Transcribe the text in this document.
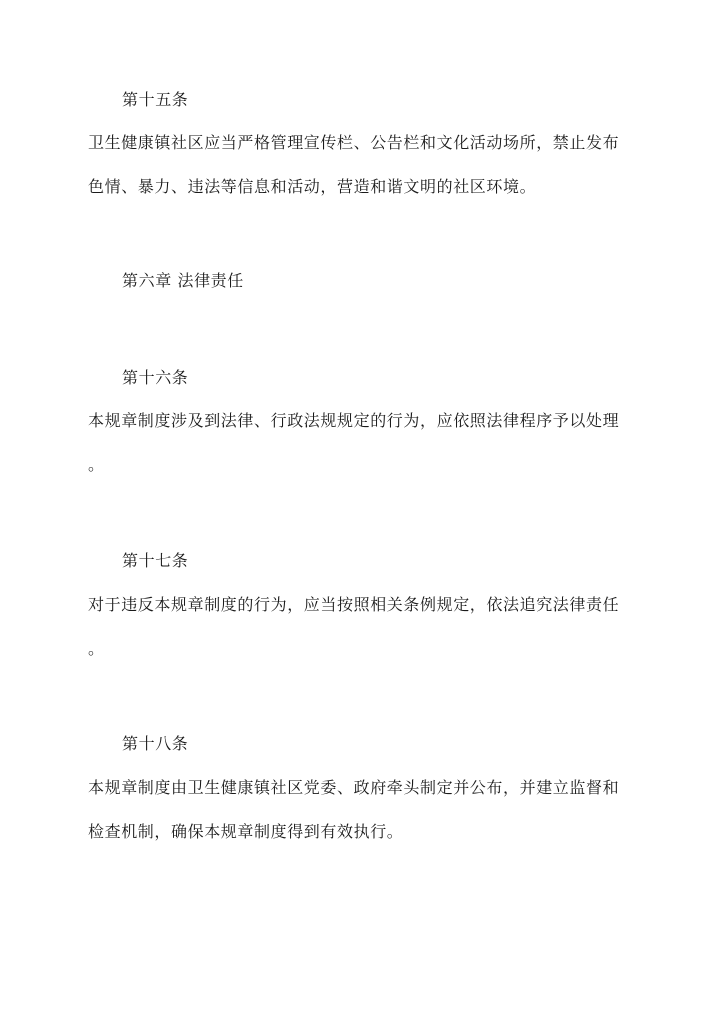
第十五条
卫生健康镇社区应当严格管理宣传栏、公告栏和文化活动场所，禁止发布
色情、暴力、违法等信息和活动，营造和谐文明的社区环境。
第六章 法律责任
第十六条
本规章制度涉及到法律、行政法规规定的行为，应依照法律程序予以处理
。
第十七条
对于违反本规章制度的行为，应当按照相关条例规定，依法追究法律责任
。
第十八条
本规章制度由卫生健康镇社区党委、政府牵头制定并公布，并建立监督和
检查机制，确保本规章制度得到有效执行。
